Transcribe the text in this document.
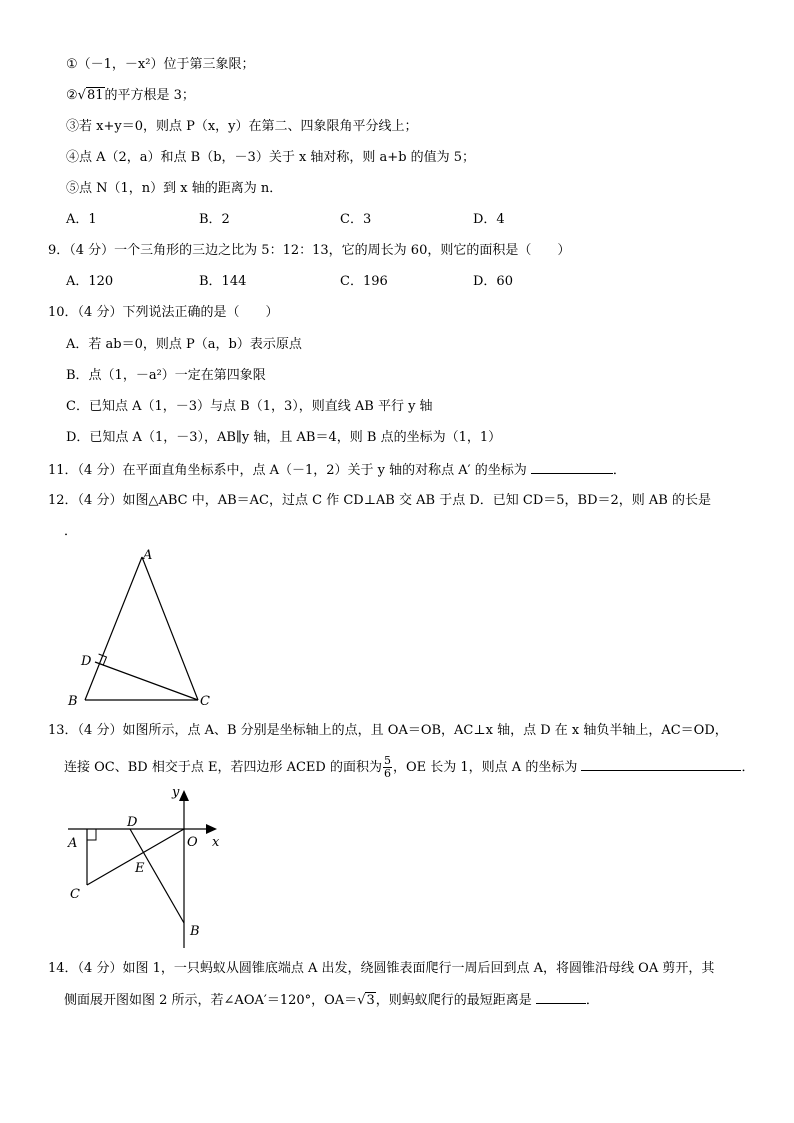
①（－1，－x²）位于第三象限；
②√81的平方根是 3；
③若 x+y＝0，则点 P（x，y）在第二、四象限角平分线上；
④点 A（2，a）和点 B（b，－3）关于 x 轴对称，则 a+b 的值为 5；
⑤点 N（1，n）到 x 轴的距离为 n．
A．1	B．2	C．3	D．4
9．（4 分）一个三角形的三边之比为 5：12：13，它的周长为 60，则它的面积是（　　）
A．120	B．144	C．196	D．60
10．（4 分）下列说法正确的是（　　）
A．若 ab＝0，则点 P（a，b）表示原点
B．点（1，－a²）一定在第四象限
C．已知点 A（1，－3）与点 B（1，3），则直线 AB 平行 y 轴
D．已知点 A（1，－3），AB∥y 轴，且 AB＝4，则 B 点的坐标为（1，1）
11．（4 分）在平面直角坐标系中，点 A（－1，2）关于 y 轴的对称点 A′ 的坐标为	．
12．（4 分）如图△ABC 中，AB＝AC，过点 C 作 CD⊥AB 交 AB 于点 D．已知 CD＝5，BD＝2，则 AB 的长是
．
A
B	C
D
13．（4 分）如图所示，点 A、B 分别是坐标轴上的点，且 OA＝OB，AC⊥x 轴，点 D 在 x 轴负半轴上，AC＝OD，
连接 OC、BD 相交于点 E，若四边形 ACED 的面积为 $\frac{5}{6}$ ，OE 长为 1，则点 A 的坐标为	．
y
x
A
D
O
E
C
B
14．（4 分）如图 1，一只蚂蚁从圆锥底端点 A 出发，绕圆锥表面爬行一周后回到点 A，将圆锥沿母线 OA 剪开，其
侧面展开图如图 2 所示，若∠AOA′＝120°，OA＝√3，则蚂蚁爬行的最短距离是	．
